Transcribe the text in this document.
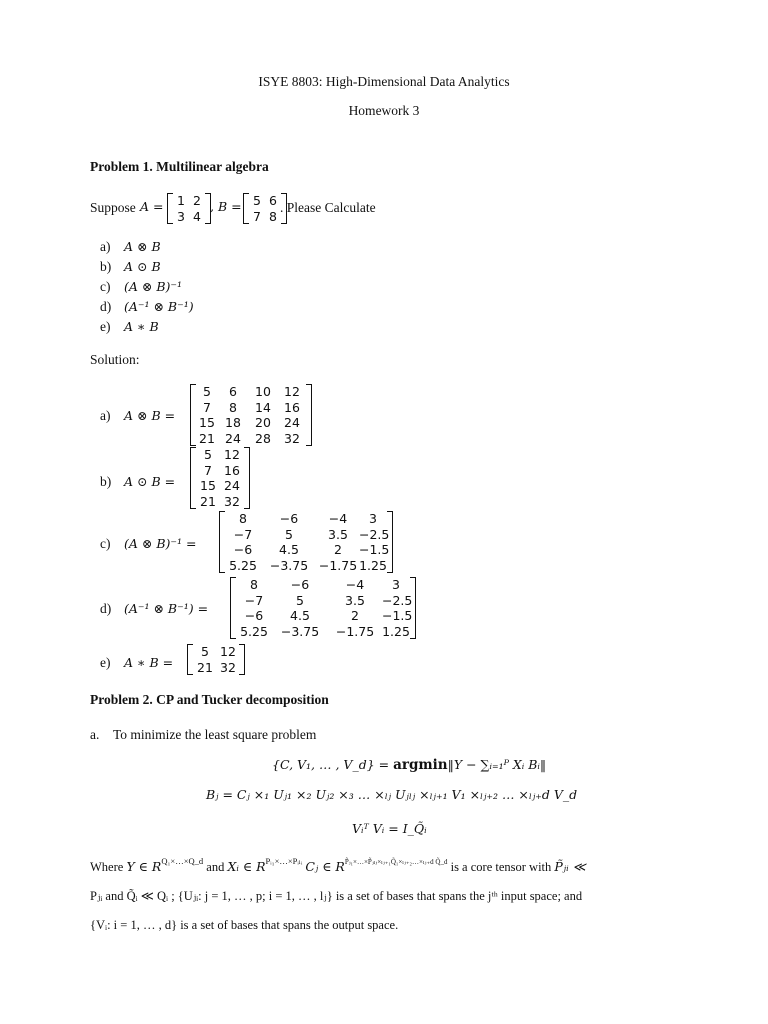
ISYE 8803: High-Dimensional Data Analytics
Homework 3
Problem 1. Multilinear algebra
Suppose A =	1 2
3 4
, B = 5 6
7 8
. Please Calculate
a) A ⊗ B
b) A ⊙ B
c) (A ⊗ B)⁻¹
d) (A⁻¹ ⊗ B⁻¹)
e) A ∗ B
Solution:
a) A ⊗ B =
5	6	10	12
7	8	14	16
15 18	20	24
21 24	28	32
b) A ⊙ B =
5 12
7 16
15 24
21 32
c) (A ⊗ B)⁻¹ =
8	−6	−4	3
−7	5	3.5 −2.5
−6	4.5	2	−1.5
5.25	−3.75 −1.75 1.25
d) (A⁻¹ ⊗ B⁻¹) =
8	−6	−4	3
−7	5	3.5	−2.5
−6	4.5	2	−1.5
5.25	−3.75	−1.75 1.25
e) A ∗ B =
5 12
21 32
Problem 2. CP and Tucker decomposition
a. To minimize the least square problem
{C, V₁, … , V_d} = argmin‖Y − ∑ᵢ₌₁ᴾ Xᵢ Bᵢ‖
Bⱼ = Cⱼ ×₁ Uⱼ₁ ×₂ Uⱼ₂ ×₃ … ×ₗⱼ Uⱼₗⱼ ×ₗⱼ₊₁ V₁ ×ₗⱼ₊₂ … ×ₗⱼ₊d V_d
Vᵢᵀ Vᵢ = I_Q̃ᵢ
Where Y ∈ $R^{Q_1\times\dots\times Q\_d}$ and Xᵢ ∈ $R^{Pᵢ_1\times\dots\times Pᵢ_lᵢ}$ Cⱼ ∈ $R^{P̃ⱼ_1\times\dots\times P̃ⱼ_lⱼ\times_lⱼ_{+1}Q̃_1\times_lⱼ_{+2}\dots\times_lⱼ_+d Q̃\_d}$ is a core tensor with P̃ⱼᵢ ≪
Pⱼᵢ and Q̃ᵢ ≪ Qᵢ ; {Uⱼᵢ: j = 1, … , p; i = 1, … , lⱼ} is a set of bases that spans the jᵗʰ input space; and
{Vᵢ: i = 1, … , d} is a set of bases that spans the output space.
